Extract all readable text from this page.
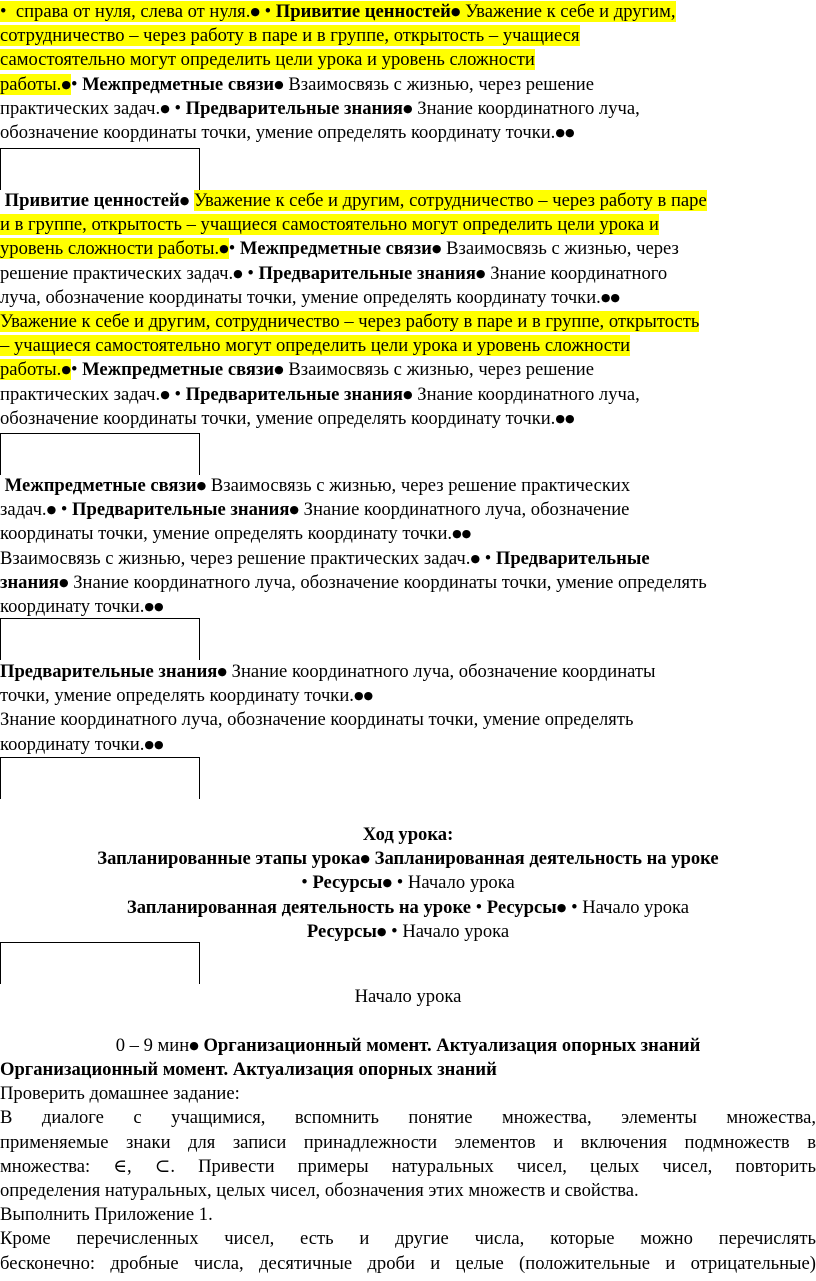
• справа от нуля, слева от нуля.● • Привитие ценностей● Уважение к себе и другим,
сотрудничество – через работу в паре и в группе, открытость – учащиеся
самостоятельно могут определить цели урока и уровень сложности
работы.●• Межпредметные связи● Взаимосвязь с жизнью, через решение
практических задач.● • Предварительные знания● Знание координатного луча,
обозначение координаты точки, умение определять координату точки.●●
Привитие ценностей● Уважение к себе и другим, сотрудничество – через работу в паре
и в группе, открытость – учащиеся самостоятельно могут определить цели урока и
уровень сложности работы.●• Межпредметные связи● Взаимосвязь с жизнью, через
решение практических задач.● • Предварительные знания● Знание координатного
луча, обозначение координаты точки, умение определять координату точки.●●
Уважение к себе и другим, сотрудничество – через работу в паре и в группе, открытость
– учащиеся самостоятельно могут определить цели урока и уровень сложности
работы.●• Межпредметные связи● Взаимосвязь с жизнью, через решение
практических задач.● • Предварительные знания● Знание координатного луча,
обозначение координаты точки, умение определять координату точки.●●
Межпредметные связи● Взаимосвязь с жизнью, через решение практических
задач.● • Предварительные знания● Знание координатного луча, обозначение
координаты точки, умение определять координату точки.●●
Взаимосвязь с жизнью, через решение практических задач.● • Предварительные
знания● Знание координатного луча, обозначение координаты точки, умение определять
координату точки.●●
Предварительные знания● Знание координатного луча, обозначение координаты
точки, умение определять координату точки.●●
Знание координатного луча, обозначение координаты точки, умение определять
координату точки.●●
Ход урока:
Запланированные этапы урока● Запланированная деятельность на уроке
• Ресурсы● • Начало урока
Запланированная деятельность на уроке • Ресурсы● • Начало урока
Ресурсы● • Начало урока
Начало урока
0 – 9 мин● Организационный момент. Актуализация опорных знаний
Организационный момент. Актуализация опорных знаний
Проверить домашнее задание:
В диалоге с учащимися, вспомнить понятие множества, элементы множества,
применяемые знаки для записи принадлежности элементов и включения подмножеств в
множества: ∈, ⊂. Привести примеры натуральных чисел, целых чисел, повторить
определения натуральных, целых чисел, обозначения этих множеств и свойства.
Выполнить Приложение 1.
Кроме перечисленных чисел, есть и другие числа, которые можно перечислять
бесконечно: дробные числа, десятичные дроби и целые (положительные и отрицательные)
